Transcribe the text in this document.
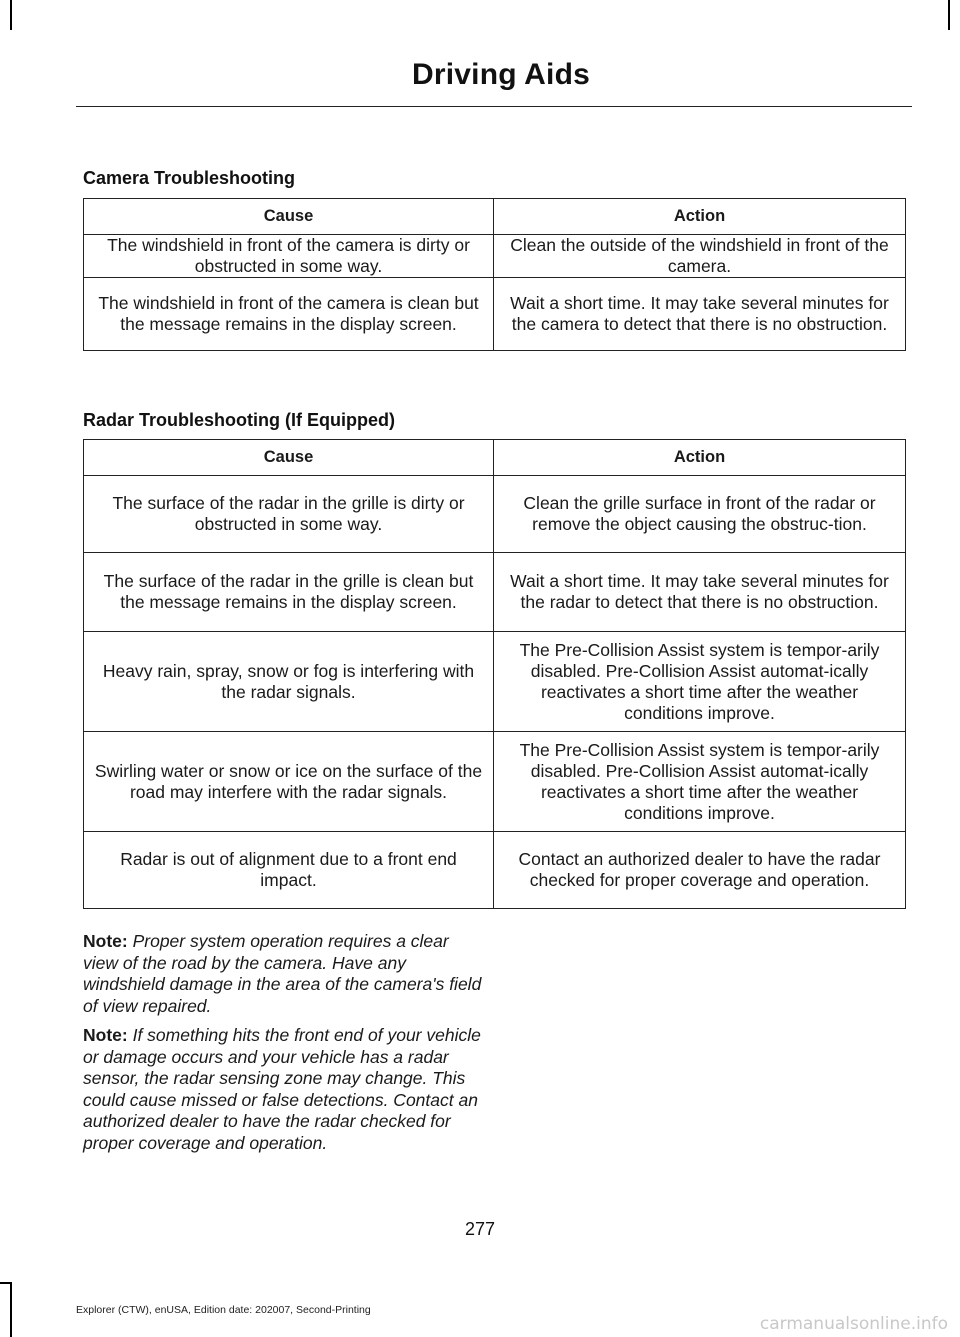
Driving Aids
Camera Troubleshooting
Cause	Action
The windshield in front of the camera is dirty or obstructed in some way.	Clean the outside of the windshield in front of the camera.
The windshield in front of the camera is clean but the message remains in the display screen.	Wait a short time. It may take several minutes for the camera to detect that there is no obstruction.
Radar Troubleshooting (If Equipped)
Cause	Action
The surface of the radar in the grille is dirty or obstructed in some way.	Clean the grille surface in front of the radar or remove the object causing the obstruc-tion.
The surface of the radar in the grille is clean but the message remains in the display screen.	Wait a short time. It may take several minutes for the radar to detect that there is no obstruction.
Heavy rain, spray, snow or fog is interfering with the radar signals.	The Pre-Collision Assist system is tempor-arily disabled. Pre-Collision Assist automat-ically reactivates a short time after the weather conditions improve.
Swirling water or snow or ice on the surface of the road may interfere with the radar signals.	The Pre-Collision Assist system is tempor-arily disabled. Pre-Collision Assist automat-ically reactivates a short time after the weather conditions improve.
Radar is out of alignment due to a front end impact.	Contact an authorized dealer to have the radar checked for proper coverage and operation.
Note: Proper system operation requires a clear view of the road by the camera. Have any windshield damage in the area of the camera's field of view repaired.
Note: If something hits the front end of your vehicle or damage occurs and your vehicle has a radar sensor, the radar sensing zone may change. This could cause missed or false detections. Contact an authorized dealer to have the radar checked for proper coverage and operation.
277
Explorer (CTW), enUSA, Edition date: 202007, Second-Printing
carmanualsonline.info
